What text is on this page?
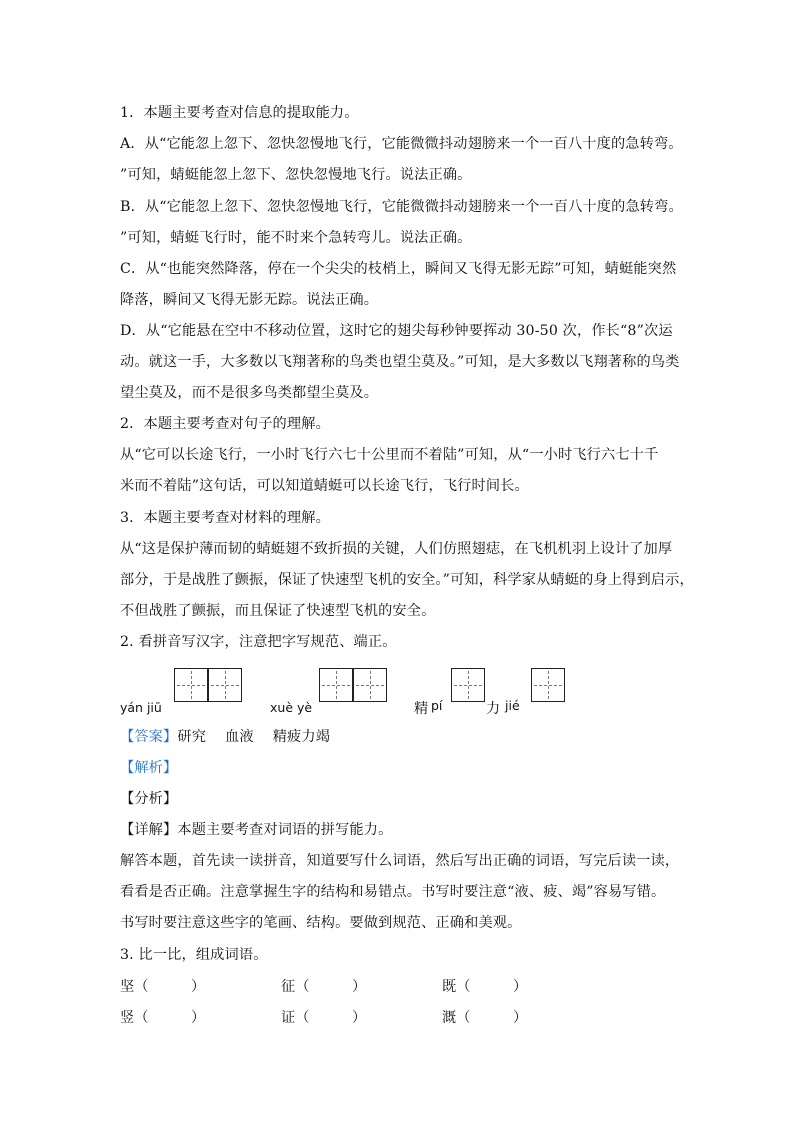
1．本题主要考查对信息的提取能力。
A．从“它能忽上忽下、忽快忽慢地飞行，它能微微抖动翅膀来一个一百八十度的急转弯。
”可知，蜻蜓能忽上忽下、忽快忽慢地飞行。说法正确。
B．从“它能忽上忽下、忽快忽慢地飞行，它能微微抖动翅膀来一个一百八十度的急转弯。
”可知，蜻蜓飞行时，能不时来个急转弯儿。说法正确。
C．从“也能突然降落，停在一个尖尖的枝梢上，瞬间又飞得无影无踪”可知，蜻蜓能突然
降落，瞬间又飞得无影无踪。说法正确。
D．从“它能悬在空中不移动位置，这时它的翅尖每秒钟要挥动 30-50 次，作长“8”次运
动。就这一手，大多数以飞翔著称的鸟类也望尘莫及。”可知，是大多数以飞翔著称的鸟类
望尘莫及，而不是很多鸟类都望尘莫及。
2．本题主要考查对句子的理解。
从“它可以长途飞行，一小时飞行六七十公里而不着陆”可知，从“一小时飞行六七十千
米而不着陆”这句话，可以知道蜻蜓可以长途飞行，飞行时间长。
3．本题主要考查对材料的理解。
从“这是保护薄而韧的蜻蜓翅不致折损的关键，人们仿照翅痣，在飞机机羽上设计了加厚
部分，于是战胜了颤振，保证了快速型飞机的安全。”可知，科学家从蜻蜓的身上得到启示，
不但战胜了颤振，而且保证了快速型飞机的安全。
2. 看拼音写汉字，注意把字写规范、端正。
yán jiū	xuè yè	精 pí	力 jié
【答案】研究　 血液　 精疲力竭
【解析】
【分析】
【详解】本题主要考查对词语的拼写能力。
解答本题，首先读一读拼音，知道要写什么词语，然后写出正确的词语，写完后读一读，
看看是否正确。注意掌握生字的结构和易错点。书写时要注意“液、疲、竭”容易写错。
书写时要注意这些字的笔画、结构。要做到规范、正确和美观。
3. 比一比，组成词语。
坚（　　　）	征（　　　）	既（　　　）
竖（　　　）	证（　　　）	溉（　　　）
